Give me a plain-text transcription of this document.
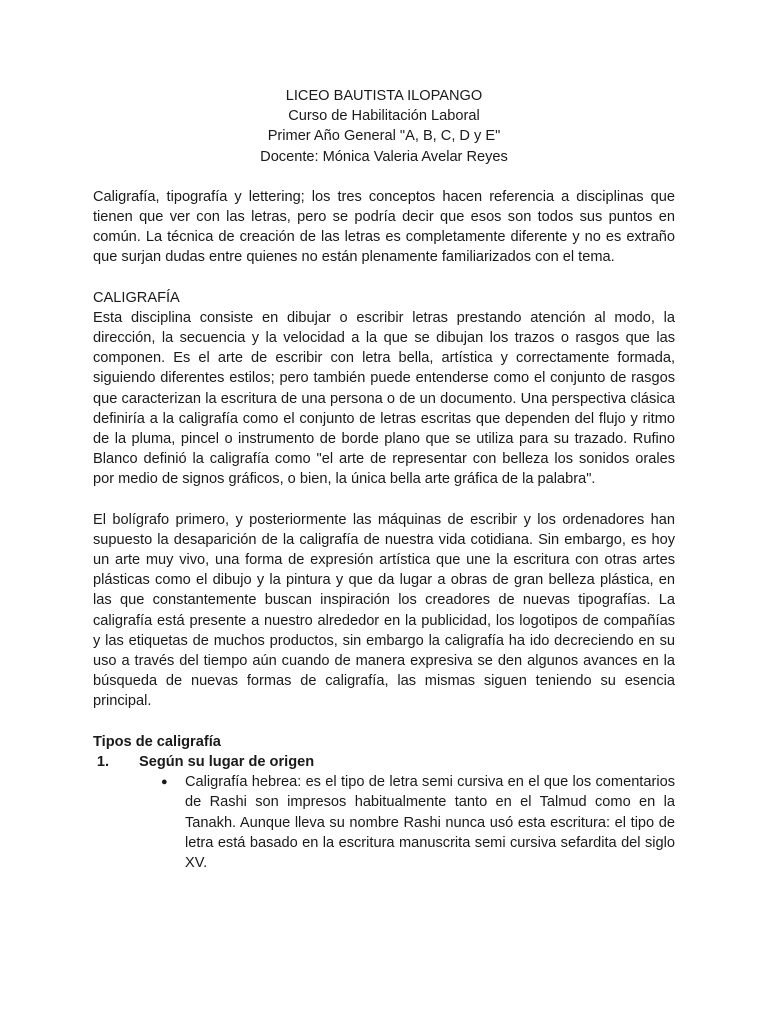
LICEO BAUTISTA ILOPANGO
Curso de Habilitación Laboral
Primer Año General "A, B, C, D y E"
Docente: Mónica Valeria Avelar Reyes

Caligrafía, tipografía y lettering; los tres conceptos hacen referencia a disciplinas que tienen que ver con las letras, pero se podría decir que esos son todos sus puntos en común. La técnica de creación de las letras es completamente diferente y no es extraño que surjan dudas entre quienes no están plenamente familiarizados con el tema.

CALIGRAFÍA

Esta disciplina consiste en dibujar o escribir letras prestando atención al modo, la dirección, la secuencia y la velocidad a la que se dibujan los trazos o rasgos que las componen. Es el arte de escribir con letra bella, artística y correctamente formada, siguiendo diferentes estilos; pero también puede entenderse como el conjunto de rasgos que caracterizan la escritura de una persona o de un documento. Una perspectiva clásica definiría a la caligrafía como el conjunto de letras escritas que dependen del flujo y ritmo de la pluma, pincel o instrumento de borde plano que se utiliza para su trazado. Rufino Blanco definió la caligrafía como "el arte de representar con belleza los sonidos orales por medio de signos gráficos, o bien, la única bella arte gráfica de la palabra".

El bolígrafo primero, y posteriormente las máquinas de escribir y los ordenadores han supuesto la desaparición de la caligrafía de nuestra vida cotidiana. Sin embargo, es hoy un arte muy vivo, una forma de expresión artística que une la escritura con otras artes plásticas como el dibujo y la pintura y que da lugar a obras de gran belleza plástica, en las que constantemente buscan inspiración los creadores de nuevas tipografías. La caligrafía está presente a nuestro alrededor en la publicidad, los logotipos de compañías y las etiquetas de muchos productos, sin embargo la caligrafía ha ido decreciendo en su uso a través del tiempo aún cuando de manera expresiva se den algunos avances en la búsqueda de nuevas formas de caligrafía, las mismas siguen teniendo su esencia principal.

Tipos de caligrafía
1.	Según su lugar de origen
● Caligrafía hebrea: es el tipo de letra semi cursiva en el que los comentarios de Rashi son impresos habitualmente tanto en el Talmud como en la Tanakh. Aunque lleva su nombre Rashi nunca usó esta escritura: el tipo de letra está basado en la escritura manuscrita semi cursiva sefardita del siglo XV.
